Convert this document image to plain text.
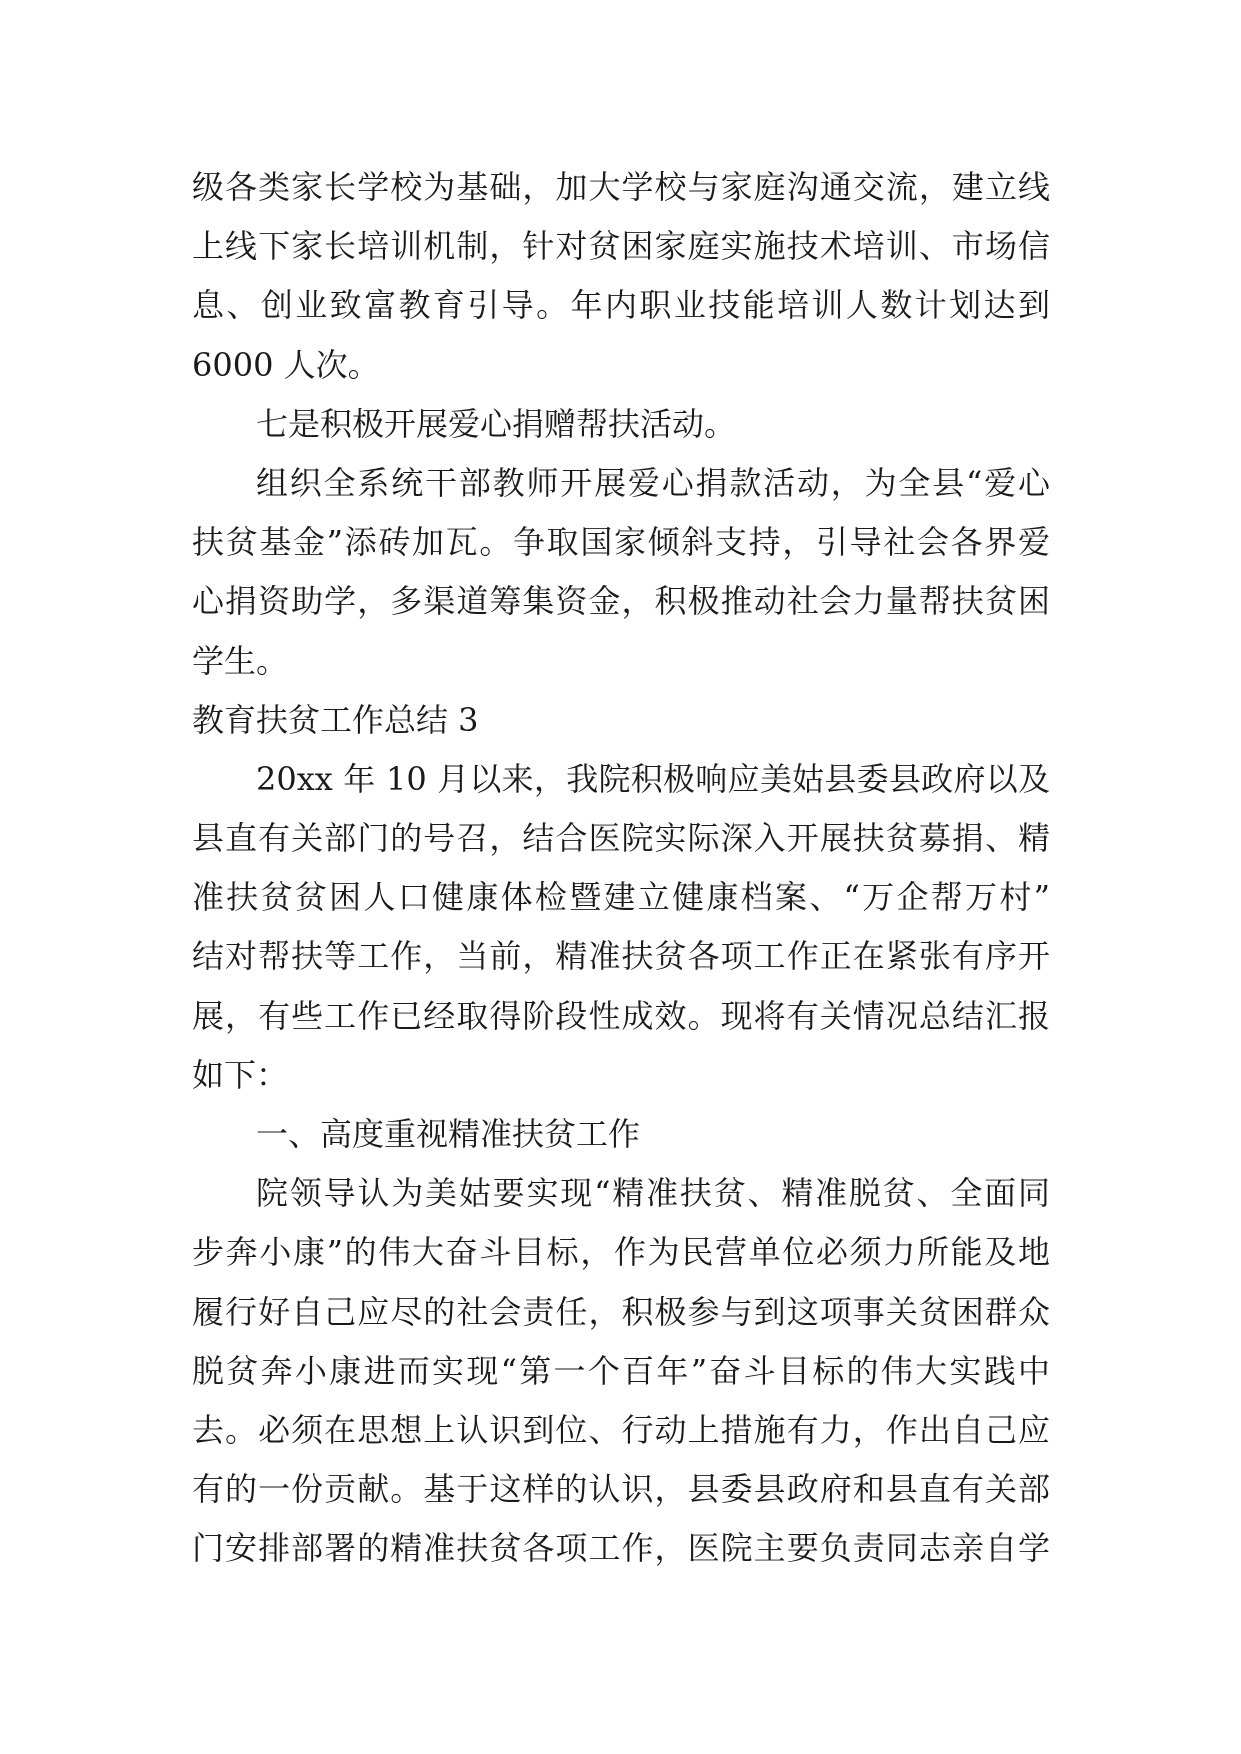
级各类家长学校为基础，加大学校与家庭沟通交流，建立线
上线下家长培训机制，针对贫困家庭实施技术培训、市场信
息、创业致富教育引导。年内职业技能培训人数计划达到
6000 人次。
七是积极开展爱心捐赠帮扶活动。
组织全系统干部教师开展爱心捐款活动，为全县“爱心
扶贫基金”添砖加瓦。争取国家倾斜支持，引导社会各界爱
心捐资助学，多渠道筹集资金，积极推动社会力量帮扶贫困
学生。
教育扶贫工作总结 3
20xx 年 10 月以来，我院积极响应美姑县委县政府以及
县直有关部门的号召，结合医院实际深入开展扶贫募捐、精
准扶贫贫困人口健康体检暨建立健康档案、“万企帮万村”
结对帮扶等工作，当前，精准扶贫各项工作正在紧张有序开
展，有些工作已经取得阶段性成效。现将有关情况总结汇报
如下：
一、高度重视精准扶贫工作
院领导认为美姑要实现“精准扶贫、精准脱贫、全面同
步奔小康”的伟大奋斗目标，作为民营单位必须力所能及地
履行好自己应尽的社会责任，积极参与到这项事关贫困群众
脱贫奔小康进而实现“第一个百年”奋斗目标的伟大实践中
去。必须在思想上认识到位、行动上措施有力，作出自己应
有的一份贡献。基于这样的认识，县委县政府和县直有关部
门安排部署的精准扶贫各项工作，医院主要负责同志亲自学
